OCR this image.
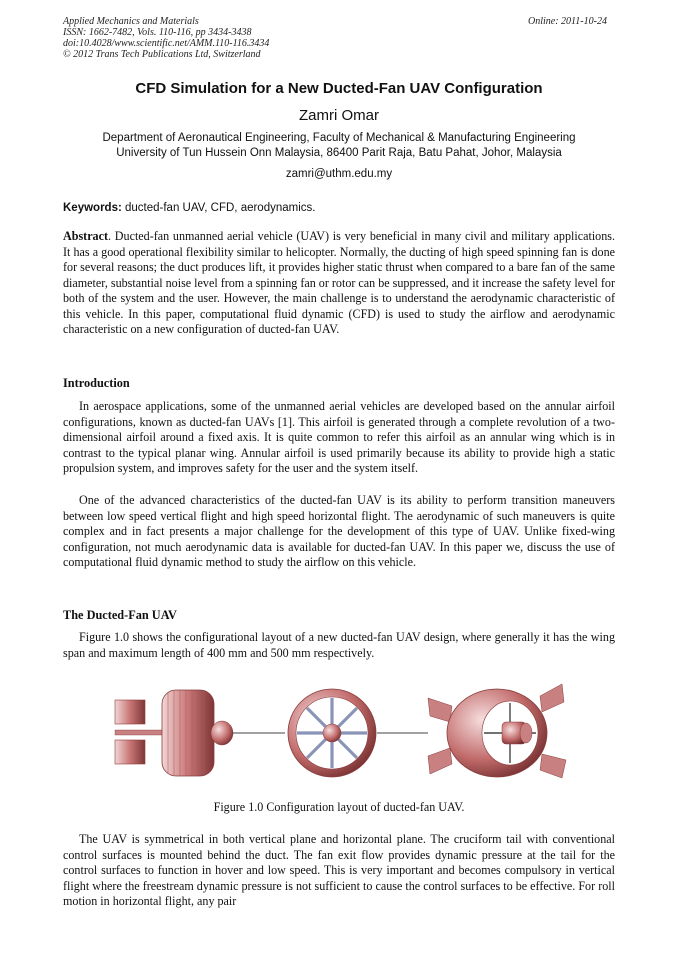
Applied Mechanics and Materials
ISSN: 1662-7482, Vols. 110-116, pp 3434-3438
doi:10.4028/www.scientific.net/AMM.110-116.3434
© 2012 Trans Tech Publications Ltd, Switzerland
Online: 2011-10-24
CFD Simulation for a New Ducted-Fan UAV Configuration
Zamri Omar
Department of Aeronautical Engineering, Faculty of Mechanical & Manufacturing Engineering
University of Tun Hussein Onn Malaysia, 86400 Parit Raja, Batu Pahat, Johor, Malaysia
zamri@uthm.edu.my
Keywords: ducted-fan UAV, CFD, aerodynamics.

Abstract. Ducted-fan unmanned aerial vehicle (UAV) is very beneficial in many civil and military applications. It has a good operational flexibility similar to helicopter. Normally, the ducting of high speed spinning fan is done for several reasons; the duct produces lift, it provides higher static thrust when compared to a bare fan of the same diameter, substantial noise level from a spinning fan or rotor can be suppressed, and it increase the safety level for both of the system and the user. However, the main challenge is to understand the aerodynamic characteristic of this vehicle. In this paper, computational fluid dynamic (CFD) is used to study the airflow and aerodynamic characteristic on a new configuration of ducted-fan UAV.

Introduction

In aerospace applications, some of the unmanned aerial vehicles are developed based on the annular airfoil configurations, known as ducted-fan UAVs [1]. This airfoil is generated through a complete revolution of a two-dimensional airfoil around a fixed axis. It is quite common to refer this airfoil as an annular wing which is in contrast to the typical planar wing. Annular airfoil is used primarily because its ability to provide high a static propulsion system, and improves safety for the user and the system itself.

One of the advanced characteristics of the ducted-fan UAV is its ability to perform transition maneuvers between low speed vertical flight and high speed horizontal flight. The aerodynamic of such maneuvers is quite complex and in fact presents a major challenge for the development of this type of UAV. Unlike fixed-wing configuration, not much aerodynamic data is available for ducted-fan UAV. In this paper we, discuss the use of computational fluid dynamic method to study the airflow on this vehicle.

The Ducted-Fan UAV

Figure 1.0 shows the configurational layout of a new ducted-fan UAV design, where generally it has the wing span and maximum length of 400 mm and 500 mm respectively.

Figure 1.0 Configuration layout of ducted-fan UAV.

The UAV is symmetrical in both vertical plane and horizontal plane. The cruciform tail with conventional control surfaces is mounted behind the duct. The fan exit flow provides dynamic pressure at the tail for the control surfaces to function in hover and low speed. This is very important and becomes compulsory in vertical flight where the freestream dynamic pressure is not sufficient to cause the control surfaces to be effective. For roll motion in horizontal flight, any pair
